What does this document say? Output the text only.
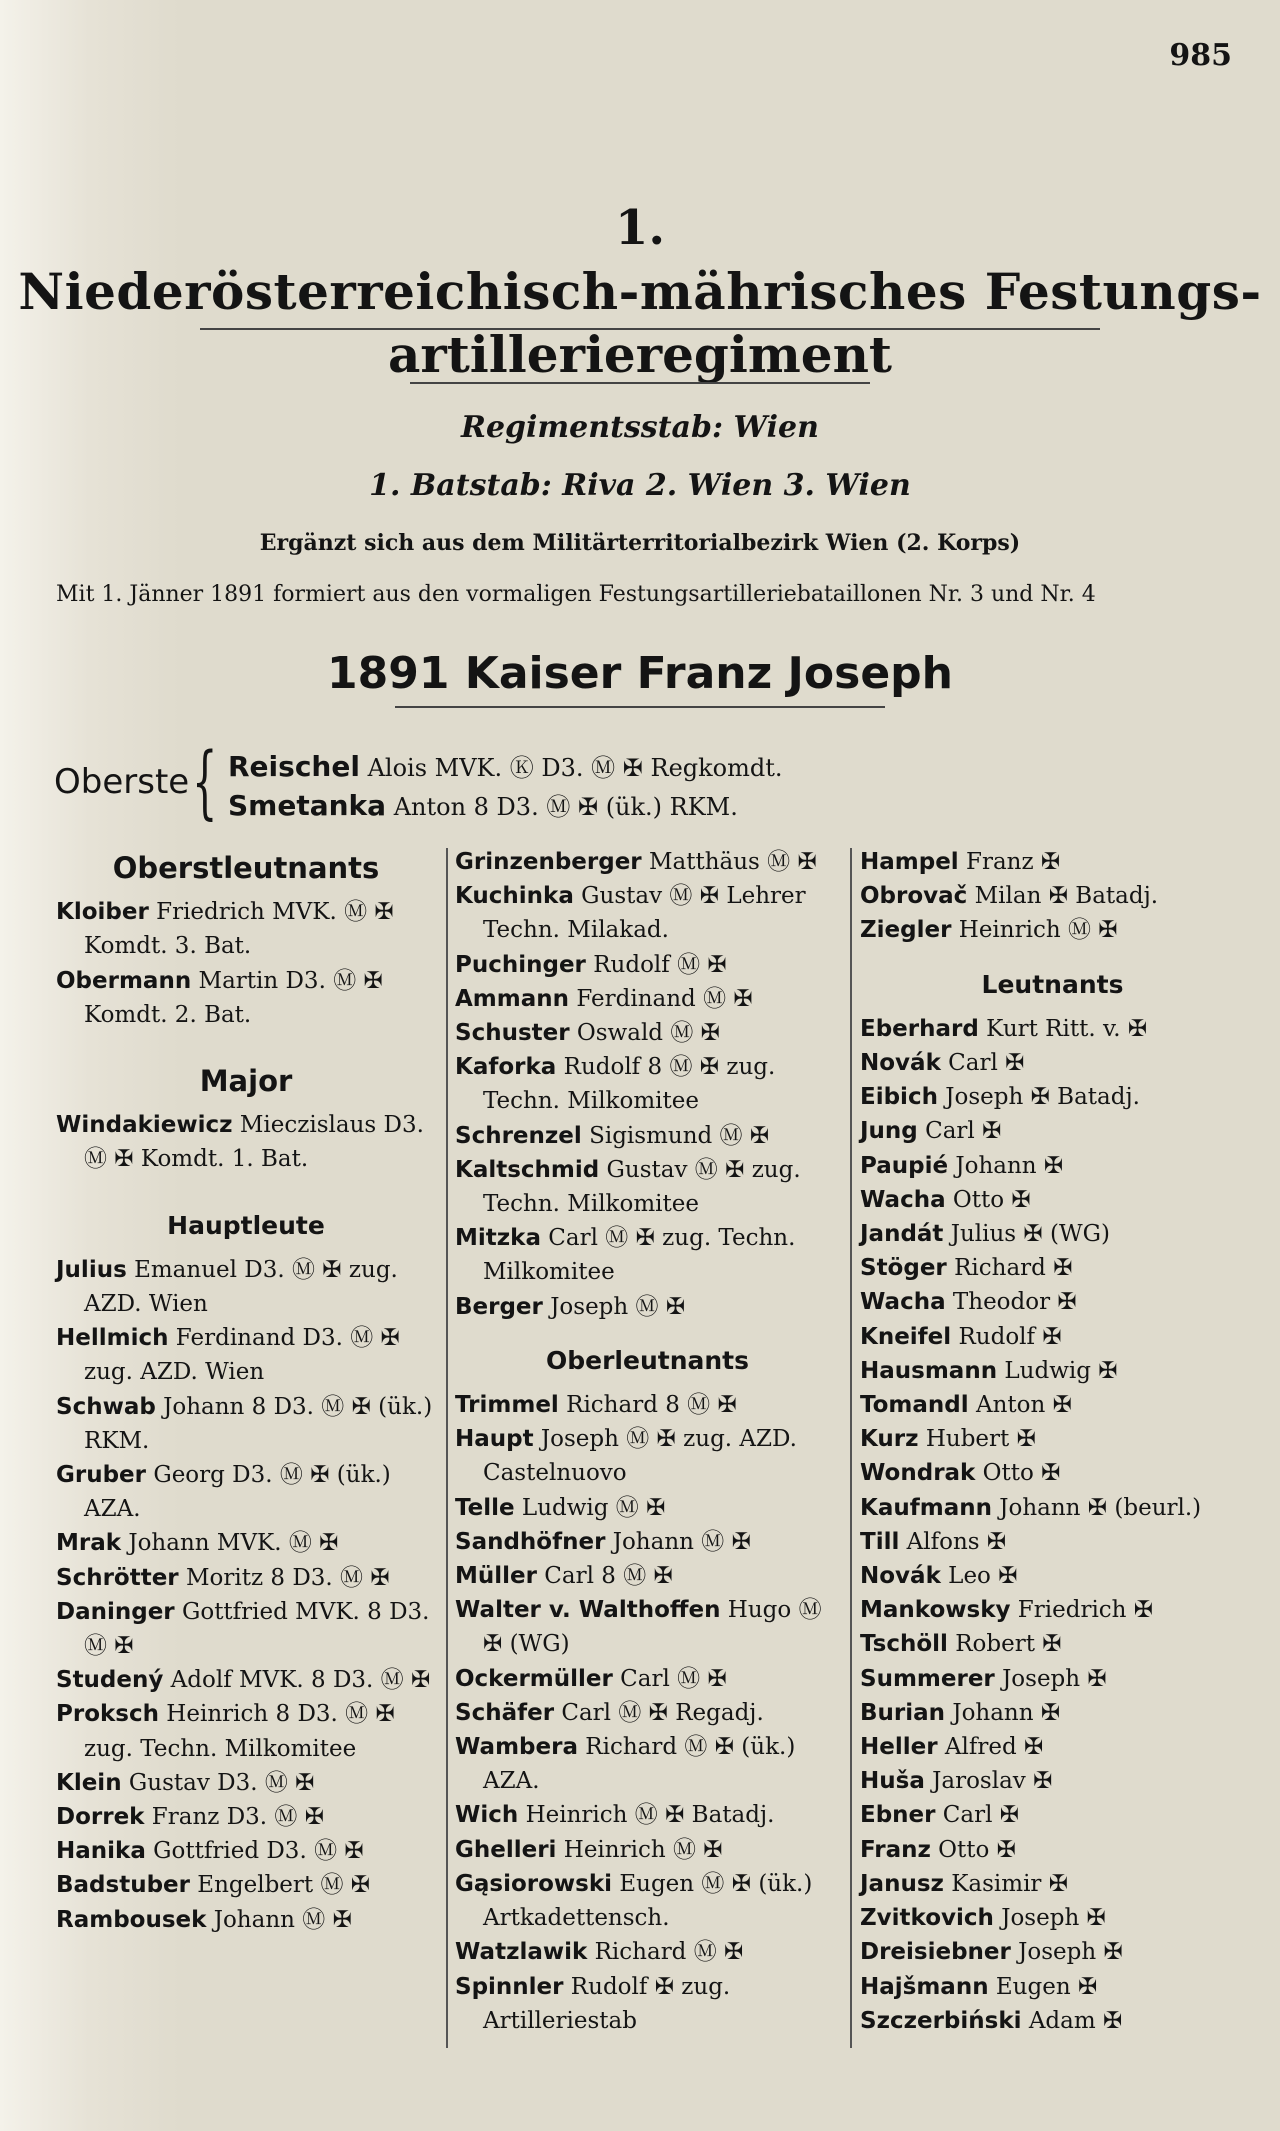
985
1.
Niederösterreichisch-mährisches Festungs-
artillerieregiment
Regimentsstab: Wien
1. Batstab: Riva 2. Wien 3. Wien
Ergänzt sich aus dem Militärterritorialbezirk Wien (2. Korps)
Mit 1. Jänner 1891 formiert aus den vormaligen Festungsartilleriebataillonen Nr. 3 und Nr. 4
1891 Kaiser Franz Joseph
Oberste { Reischel Alois MVK. Ⓚ D3. Ⓜ ✠ Regkomdt.
Smetanka Anton 8 D3. Ⓜ ✠ (ük.) RKM.
Oberstleutnants
Kloiber Friedrich MVK. Ⓜ ✠ Komdt. 3. Bat.
Obermann Martin D3. Ⓜ ✠ Komdt. 2. Bat.
Major
Windakiewicz Mieczislaus D3. Ⓜ ✠ Komdt. 1. Bat.
Hauptleute
Julius Emanuel D3. Ⓜ ✠ zug. AZD. Wien
Hellmich Ferdinand D3. Ⓜ ✠ zug. AZD. Wien
Schwab Johann 8 D3. Ⓜ ✠ (ük.) RKM.
Gruber Georg D3. Ⓜ ✠ (ük.) AZA.
Mrak Johann MVK. Ⓜ ✠
Schrötter Moritz 8 D3. Ⓜ ✠
Daninger Gottfried MVK. 8 D3. Ⓜ ✠
Studený Adolf MVK. 8 D3. Ⓜ ✠
Proksch Heinrich 8 D3. Ⓜ ✠ zug. Techn. Milkomitee
Klein Gustav D3. Ⓜ ✠
Dorrek Franz D3. Ⓜ ✠
Hanika Gottfried D3. Ⓜ ✠
Badstuber Engelbert Ⓜ ✠
Rambousek Johann Ⓜ ✠
Grinzenberger Matthäus Ⓜ ✠
Kuchinka Gustav Ⓜ ✠ Lehrer Techn. Milakad.
Puchinger Rudolf Ⓜ ✠
Ammann Ferdinand Ⓜ ✠
Schuster Oswald Ⓜ ✠
Kaforka Rudolf 8 Ⓜ ✠ zug. Techn. Milkomitee
Schrenzel Sigismund Ⓜ ✠
Kaltschmid Gustav Ⓜ ✠ zug. Techn. Milkomitee
Mitzka Carl Ⓜ ✠ zug. Techn. Milkomitee
Berger Joseph Ⓜ ✠
Oberleutnants
Trimmel Richard 8 Ⓜ ✠
Haupt Joseph Ⓜ ✠ zug. AZD. Castelnuovo
Telle Ludwig Ⓜ ✠
Sandhöfner Johann Ⓜ ✠
Müller Carl 8 Ⓜ ✠
Walter v. Walthoffen Hugo Ⓜ ✠ (WG)
Ockermüller Carl Ⓜ ✠
Schäfer Carl Ⓜ ✠ Regadj.
Wambera Richard Ⓜ ✠ (ük.) AZA.
Wich Heinrich Ⓜ ✠ Batadj.
Ghelleri Heinrich Ⓜ ✠
Gąsiorowski Eugen Ⓜ ✠ (ük.) Artkadettensch.
Watzlawik Richard Ⓜ ✠
Spinnler Rudolf ✠ zug. Artilleriestab
Hampel Franz ✠
Obrovač Milan ✠ Batadj.
Ziegler Heinrich Ⓜ ✠
Leutnants
Eberhard Kurt Ritt. v. ✠
Novák Carl ✠
Eibich Joseph ✠ Batadj.
Jung Carl ✠
Paupié Johann ✠
Wacha Otto ✠
Jandát Julius ✠ (WG)
Stöger Richard ✠
Wacha Theodor ✠
Kneifel Rudolf ✠
Hausmann Ludwig ✠
Tomandl Anton ✠
Kurz Hubert ✠
Wondrak Otto ✠
Kaufmann Johann ✠ (beurl.)
Till Alfons ✠
Novák Leo ✠
Mankowsky Friedrich ✠
Tschöll Robert ✠
Summerer Joseph ✠
Burian Johann ✠
Heller Alfred ✠
Huša Jaroslav ✠
Ebner Carl ✠
Franz Otto ✠
Janusz Kasimir ✠
Zvitkovich Joseph ✠
Dreisiebner Joseph ✠
Hajšmann Eugen ✠
Szczerbiński Adam ✠
